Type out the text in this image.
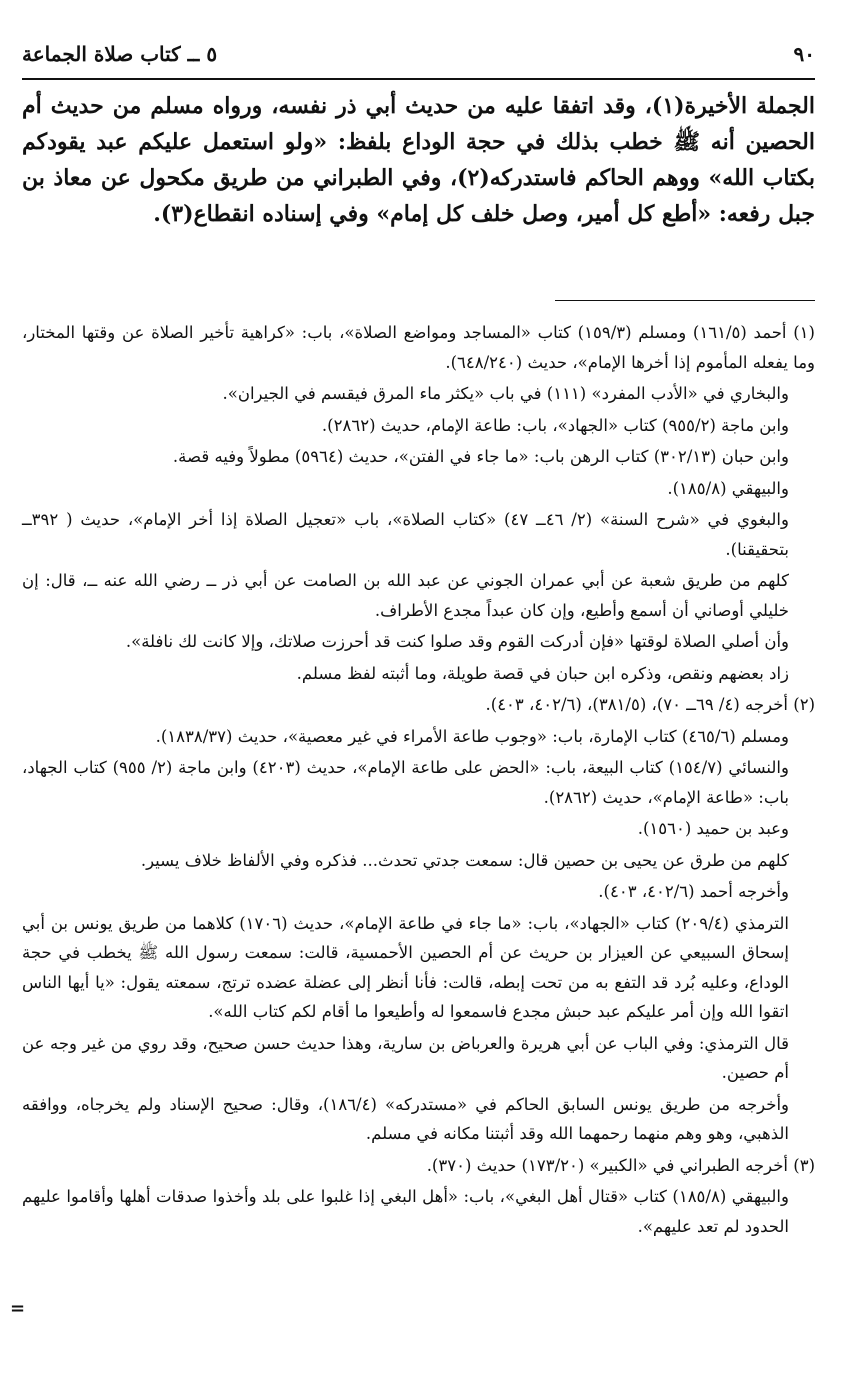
٩٠
٥ ــ كتاب صلاة الجماعة

الجملة الأخيرة(١)، وقد اتفقا عليه من حديث أبي ذر نفسه، ورواه مسلم من حديث أم الحصين أنه ﷺ خطب بذلك في حجة الوداع بلفظ: «ولو استعمل عليكم عبد يقودكم بكتاب الله» ووهم الحاكم فاستدركه(٢)، وفي الطبراني من طريق مكحول عن معاذ بن جبل رفعه: «أطع كل أمير، وصل خلف كل إمام» وفي إسناده انقطاع(٣).

(١) أحمد (١٦١/٥) ومسلم (١٥٩/٣) كتاب «المساجد ومواضع الصلاة»، باب: «كراهية تأخير الصلاة عن وقتها المختار، وما يفعله المأموم إذا أخرها الإمام»، حديث (٦٤٨/٢٤٠).

والبخاري في «الأدب المفرد» (١١١) في باب «يكثر ماء المرق فيقسم في الجيران».

وابن ماجة (٩٥٥/٢) كتاب «الجهاد»، باب: طاعة الإمام، حديث (٢٨٦٢).

وابن حبان (٣٠٢/١٣) كتاب الرهن باب: «ما جاء في الفتن»، حديث (٥٩٦٤) مطولاً وفيه قصة.

والبيهقي (١٨٥/٨).

والبغوي في «شرح السنة» (٢/ ٤٦ــ ٤٧) «كتاب الصلاة»، باب «تعجيل الصلاة إذا أخر الإمام»، حديث ( ٣٩٢ــ بتحقيقنا).

كلهم من طريق شعبة عن أبي عمران الجوني عن عبد الله بن الصامت عن أبي ذر ــ رضي الله عنه ــ، قال: إن خليلي أوصاني أن أسمع وأطيع، وإن كان عبداً مجدع الأطراف.

وأن أصلي الصلاة لوقتها «فإن أدركت القوم وقد صلوا كنت قد أحرزت صلاتك، وإلا كانت لك نافلة».

زاد بعضهم ونقص، وذكره ابن حبان في قصة طويلة، وما أثبته لفظ مسلم.

(٢) أخرجه (٤/ ٦٩ــ ٧٠)، (٣٨١/٥)، (٤٠٢/٦، ٤٠٣).

ومسلم (٤٦٥/٦) كتاب الإمارة، باب: «وجوب طاعة الأمراء في غير معصية»، حديث (١٨٣٨/٣٧).

والنسائي (١٥٤/٧) كتاب البيعة، باب: «الحض على طاعة الإمام»، حديث (٤٢٠٣) وابن ماجة (٢/ ٩٥٥) كتاب الجهاد، باب: «طاعة الإمام»، حديث (٢٨٦٢).

وعبد بن حميد (١٥٦٠).

كلهم من طرق عن يحيى بن حصين قال: سمعت جدتي تحدث... فذكره وفي الألفاظ خلاف يسير.

وأخرجه أحمد (٤٠٢/٦، ٤٠٣).

الترمذي (٢٠٩/٤) كتاب «الجهاد»، باب: «ما جاء في طاعة الإمام»، حديث (١٧٠٦) كلاهما من طريق يونس بن أبي إسحاق السبيعي عن العيزار بن حريث عن أم الحصين الأحمسية، قالت: سمعت رسول الله ﷺ يخطب في حجة الوداع، وعليه بُرد قد التفع به من تحت إبطه، قالت: فأنا أنظر إلى عضلة عضده ترتج، سمعته يقول: «يا أيها الناس اتقوا الله وإن أمر عليكم عبد حبش مجدع فاسمعوا له وأطيعوا ما أقام لكم كتاب الله».

قال الترمذي: وفي الباب عن أبي هريرة والعرباض بن سارية، وهذا حديث حسن صحيح، وقد روي من غير وجه عن أم حصين.

وأخرجه من طريق يونس السابق الحاكم في «مستدركه» (١٨٦/٤)، وقال: صحيح الإسناد ولم يخرجاه، ووافقه الذهبي، وهو وهم منهما رحمهما الله وقد أثبتنا مكانه في مسلم.

(٣) أخرجه الطبراني في «الكبير» (١٧٣/٢٠) حديث (٣٧٠).

والبيهقي (١٨٥/٨) كتاب «قتال أهل البغي»، باب: «أهل البغي إذا غلبوا على بلد وأخذوا صدقات أهلها وأقاموا عليهم الحدود لم تعد عليهم».

=
